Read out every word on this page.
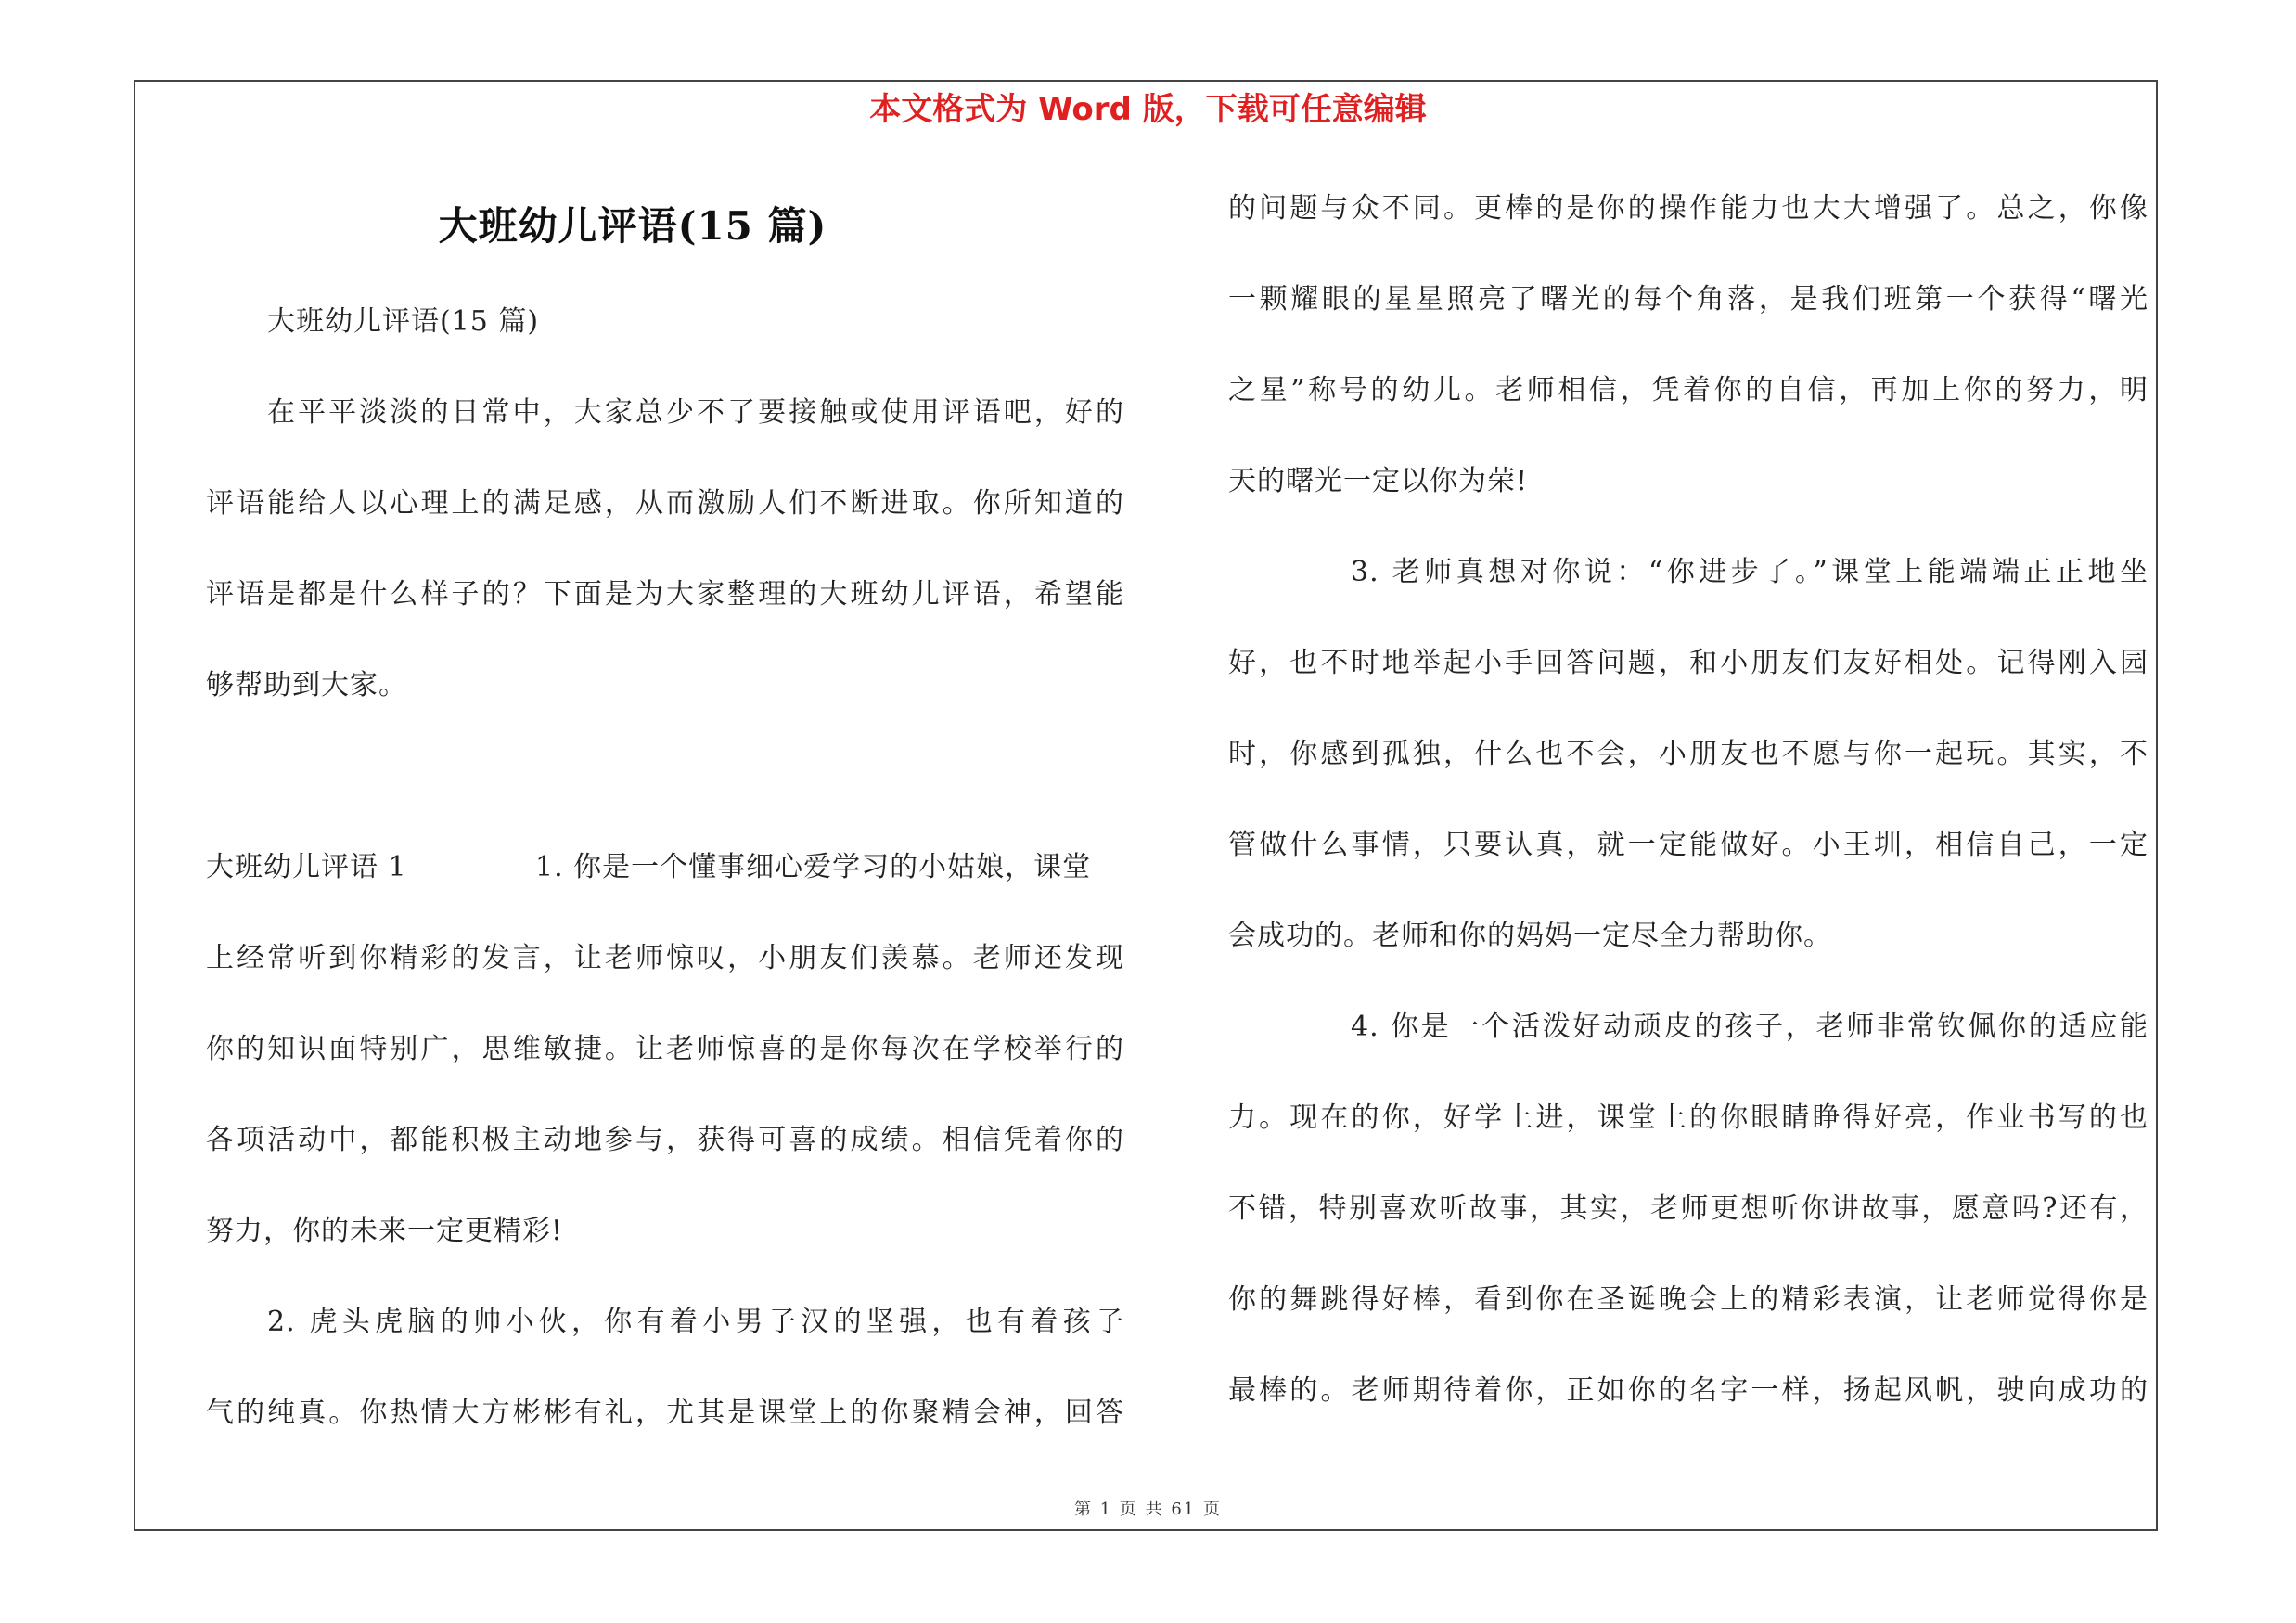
本文格式为 Word 版，下载可任意编辑
大班幼儿评语(15 篇)
大班幼儿评语(15 篇)
在平平淡淡的日常中，大家总少不了要接触或使用评语吧，好的
评语能给人以心理上的满足感，从而激励人们不断进取。你所知道的
评语是都是什么样子的？下面是为大家整理的大班幼儿评语，希望能
够帮助到大家。
大班幼儿评语 1	1. 你是一个懂事细心爱学习的小姑娘，课堂
上经常听到你精彩的发言，让老师惊叹，小朋友们羡慕。老师还发现
你的知识面特别广，思维敏捷。让老师惊喜的是你每次在学校举行的
各项活动中，都能积极主动地参与，获得可喜的成绩。相信凭着你的
努力，你的未来一定更精彩!
2. 虎头虎脑的帅小伙，你有着小男子汉的坚强，也有着孩子
气的纯真。你热情大方彬彬有礼，尤其是课堂上的你聚精会神，回答
的问题与众不同。更棒的是你的操作能力也大大增强了。总之，你像
一颗耀眼的星星照亮了曙光的每个角落，是我们班第一个获得“曙光
之星”称号的幼儿。老师相信，凭着你的自信，再加上你的努力，明
天的曙光一定以你为荣!
3. 老师真想对你说：“你进步了。”课堂上能端端正正地坐
好，也不时地举起小手回答问题，和小朋友们友好相处。记得刚入园
时，你感到孤独，什么也不会，小朋友也不愿与你一起玩。其实，不
管做什么事情，只要认真，就一定能做好。小王圳，相信自己，一定
会成功的。老师和你的妈妈一定尽全力帮助你。
4. 你是一个活泼好动顽皮的孩子，老师非常钦佩你的适应能
力。现在的你，好学上进，课堂上的你眼睛睁得好亮，作业书写的也
不错，特别喜欢听故事，其实，老师更想听你讲故事，愿意吗?还有，
你的舞跳得好棒，看到你在圣诞晚会上的精彩表演，让老师觉得你是
最棒的。老师期待着你，正如你的名字一样，扬起风帆，驶向成功的
第 1 页 共 61 页
